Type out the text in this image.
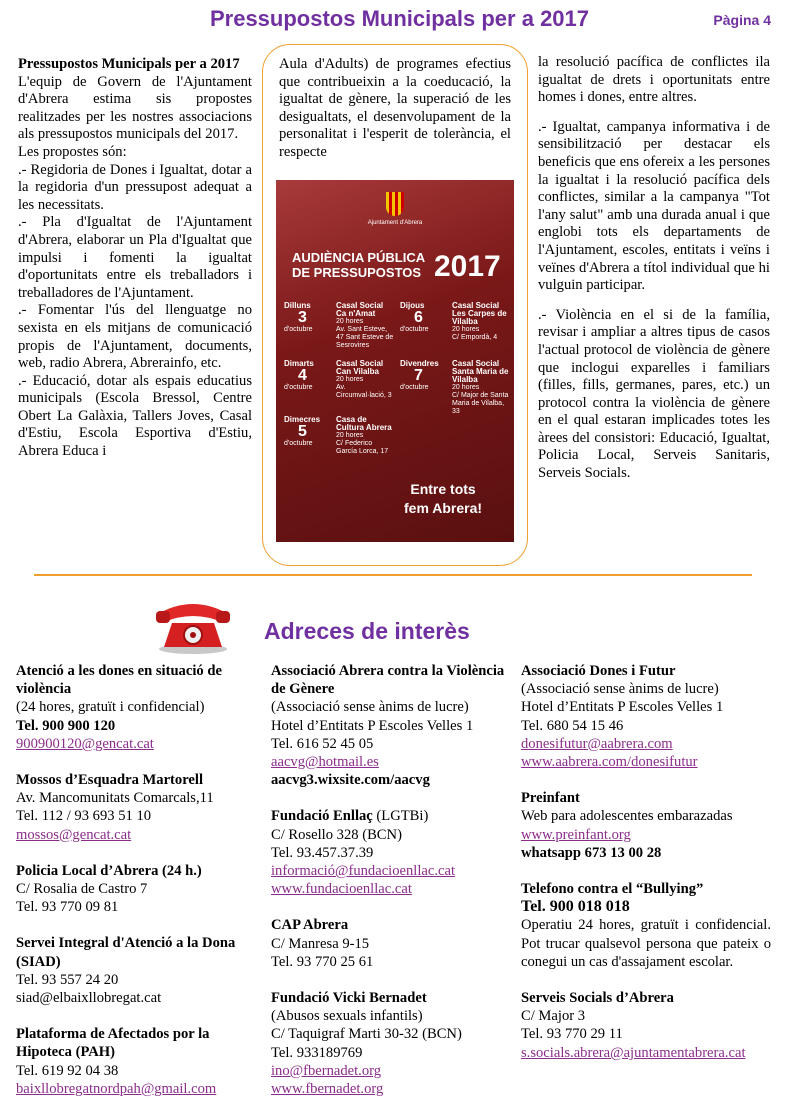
Pressupostos Municipals per a 2017	Pàgina 4

Pressupostos Municipals per a 2017

L'equip de Govern de l'Ajuntament d'Abrera estima sis propostes realitzades per les nostres associacions als pressupostos municipals del 2017.

Les propostes són:

.- Regidoria de Dones i Igualtat, dotar a la regidoria d'un pressupost adequat a les necessitats.

.- Pla d'Igualtat de l'Ajuntament d'Abrera, elaborar un Pla d'Igualtat que impulsi i fomenti la igualtat d'oportunitats entre els treballadors i treballadores de l'Ajuntament.

.- Fomentar l'ús del llenguatge no sexista en els mitjans de comunicació propis de l'Ajuntament, documents, web, radio Abrera, Abrerainfo, etc.

.- Educació, dotar als espais educatius municipals (Escola Bressol, Centre Obert La Galàxia, Tallers Joves, Casal d'Estiu, Escola Esportiva d'Estiu, Abrera Educa i

Aula d'Adults) de programes efectius que contribueixin a la coeducació, la igualtat de gènere, la superació de les desigualtats, el desenvolupament de la personalitat i l'esperit de tolerància, el respecte

Ajuntament d'Abrera
AUDIÈNCIA PÚBLICA
DE PRESSUPOSTOS 2017
Dilluns
3
d'octubre
Casal Social Ca n'Amat
20 hores
Av. Sant Esteve, 47 Sant Esteve de Sesrovires
Dijous
6
d'octubre
Casal Social Les Carpes de Vilalba
20 hores
C/ Empordà, 4
Dimarts
4
d'octubre
Casal Social Can Vilalba
20 hores
Av. Circumval·lació, 3
Divendres
7
d'octubre
Casal Social Santa Maria de Vilalba
20 hores
C/ Major de Santa Maria de Vilalba, 33
Dimecres
5
d'octubre
Casa de Cultura Abrera
20 hores
C/ Federico García Lorca, 17
Entre tots
fem Abrera!

la resolució pacífica de conflictes ila igualtat de drets i oportunitats entre homes i dones, entre altres.

.- Igualtat, campanya informativa i de sensibilització per destacar els beneficis que ens ofereix a les persones la igualtat i la resolució pacífica dels conflictes, similar a la campanya "Tot l'any salut" amb una durada anual i que englobi tots els departaments de l'Ajuntament, escoles, entitats i veïns i veïnes d'Abrera a títol individual que hi vulguin participar.

.- Violència en el si de la família, revisar i ampliar a altres tipus de casos l'actual protocol de violència de gènere que inclogui exparelles i familiars (filles, fills, germanes, pares, etc.) un protocol contra la violència de gènere en el qual estaran implicades totes les àrees del consistori: Educació, Igualtat, Policia Local, Serveis Sanitaris, Serveis Socials.

Adreces de interès

Atenció a les dones en situació de violència

(24 hores, gratuït i confidencial)

Tel. 900 900 120

900900120@gencat.cat

Mossos d’Esquadra Martorell

Av. Mancomunitats Comarcals,11

Tel. 112 / 93 693 51 10

mossos@gencat.cat

Policia Local d’Abrera (24 h.)

C/ Rosalia de Castro 7

Tel. 93 770 09 81

Servei Integral d'Atenció a la Dona (SIAD)

Tel. 93 557 24 20

siad@elbaixllobregat.cat

Plataforma de Afectados por la Hipoteca (PAH)

Tel. 619 92 04 38

baixllobregatnordpah@gmail.com

Associació Abrera contra la Violència de Gènere

(Associació sense ànims de lucre)

Hotel d’Entitats P Escoles Velles 1

Tel. 616 52 45 05

aacvg@hotmail.es

aacvg3.wixsite.com/aacvg

Fundació Enllaç (LGTBi)

C/ Rosello 328 (BCN)

Tel. 93.457.37.39

informació@fundacioenllac.cat

www.fundacioenllac.cat

CAP Abrera

C/ Manresa 9-15

Tel. 93 770 25 61

Fundació Vicki Bernadet

(Abusos sexuals infantils)

C/ Taquigraf Marti 30-32 (BCN)

Tel. 933189769

ino@fbernadet.org

www.fbernadet.org

Associació Dones i Futur

(Associació sense ànims de lucre)

Hotel d’Entitats P Escoles Velles 1

Tel. 680 54 15 46

donesifutur@aabrera.com

www.aabrera.com/donesifutur

Preinfant

Web para adolescentes embarazadas

www.preinfant.org

whatsapp 673 13 00 28

Telefono contra el “Bullying”

Tel. 900 018 018

Operatiu 24 hores, gratuït i confidencial. Pot trucar qualsevol persona que pateix o conegui un cas d'assajament escolar.

Serveis Socials d’Abrera

C/ Major 3

Tel. 93 770 29 11

s.socials.abrera@ajuntamentabrera.cat
